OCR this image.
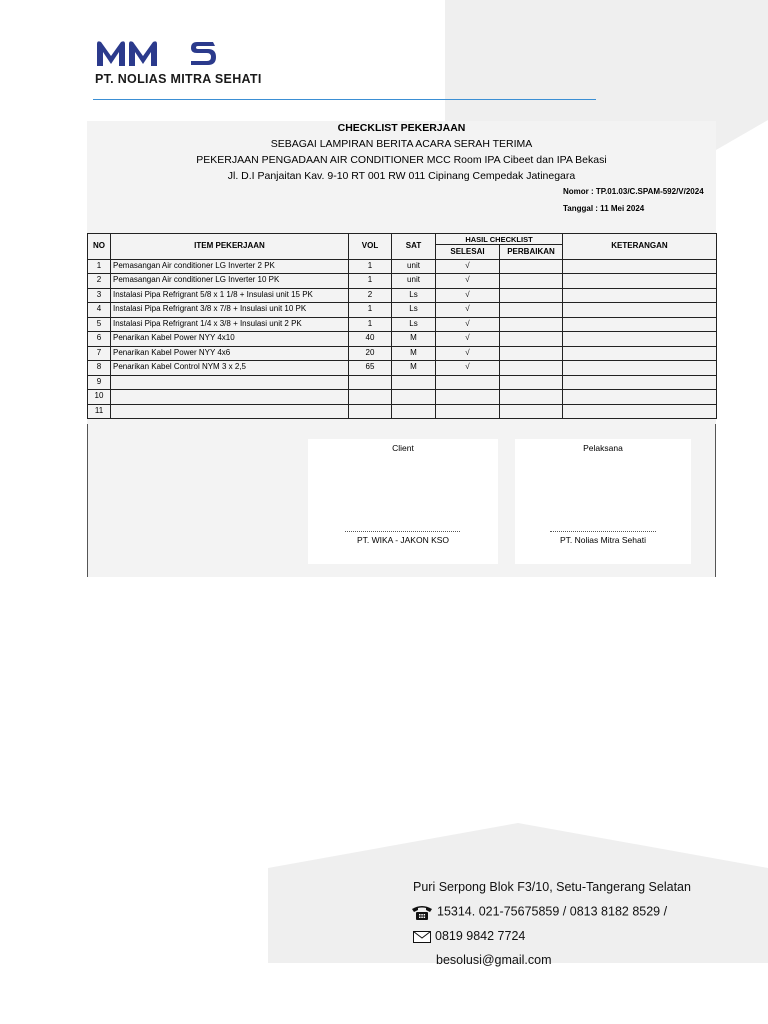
PT. NOLIAS MITRA SEHATI
CHECKLIST PEKERJAAN
SEBAGAI LAMPIRAN BERITA ACARA SERAH TERIMA
PEKERJAAN PENGADAAN AIR CONDITIONER MCC Room IPA Cibeet dan IPA Bekasi
Jl. D.I Panjaitan Kav. 9-10 RT 001 RW 011 Cipinang Cempedak Jatinegara
Nomor : TP.01.03/C.SPAM-592/V/2024
Tanggal : 11 Mei 2024
NO	ITEM PEKERJAAN	VOL	SAT	HASIL CHECKLIST		KETERANGAN
				SELESAI	PERBAIKAN	
1	Pemasangan Air conditioner LG Inverter 2 PK	1	unit	√		
2	Pemasangan Air conditioner LG Inverter 10 PK	1	unit	√		
3	Instalasi Pipa Refrigrant 5/8 x 1 1/8 + Insulasi unit 15 PK	2	Ls	√		
4	Instalasi Pipa Refrigrant 3/8 x 7/8 + Insulasi unit 10 PK	1	Ls	√		
5	Instalasi Pipa Refrigrant 1/4 x 3/8 + Insulasi unit 2 PK	1	Ls	√		
6	Penarikan Kabel Power NYY 4x10	40	M	√		
7	Penarikan Kabel Power NYY 4x6	20	M	√		
8	Penarikan Kabel Control NYM 3 x 2,5	65	M	√		
9						
10						
11						
Client
PT. WIKA - JAKON KSO
Pelaksana
PT. Nolias Mitra Sehati
Puri Serpong Blok F3/10, Setu-Tangerang Selatan
15314. 021-75675859 / 0813 8182 8529 /
0819 9842 7724
besolusi@gmail.com
